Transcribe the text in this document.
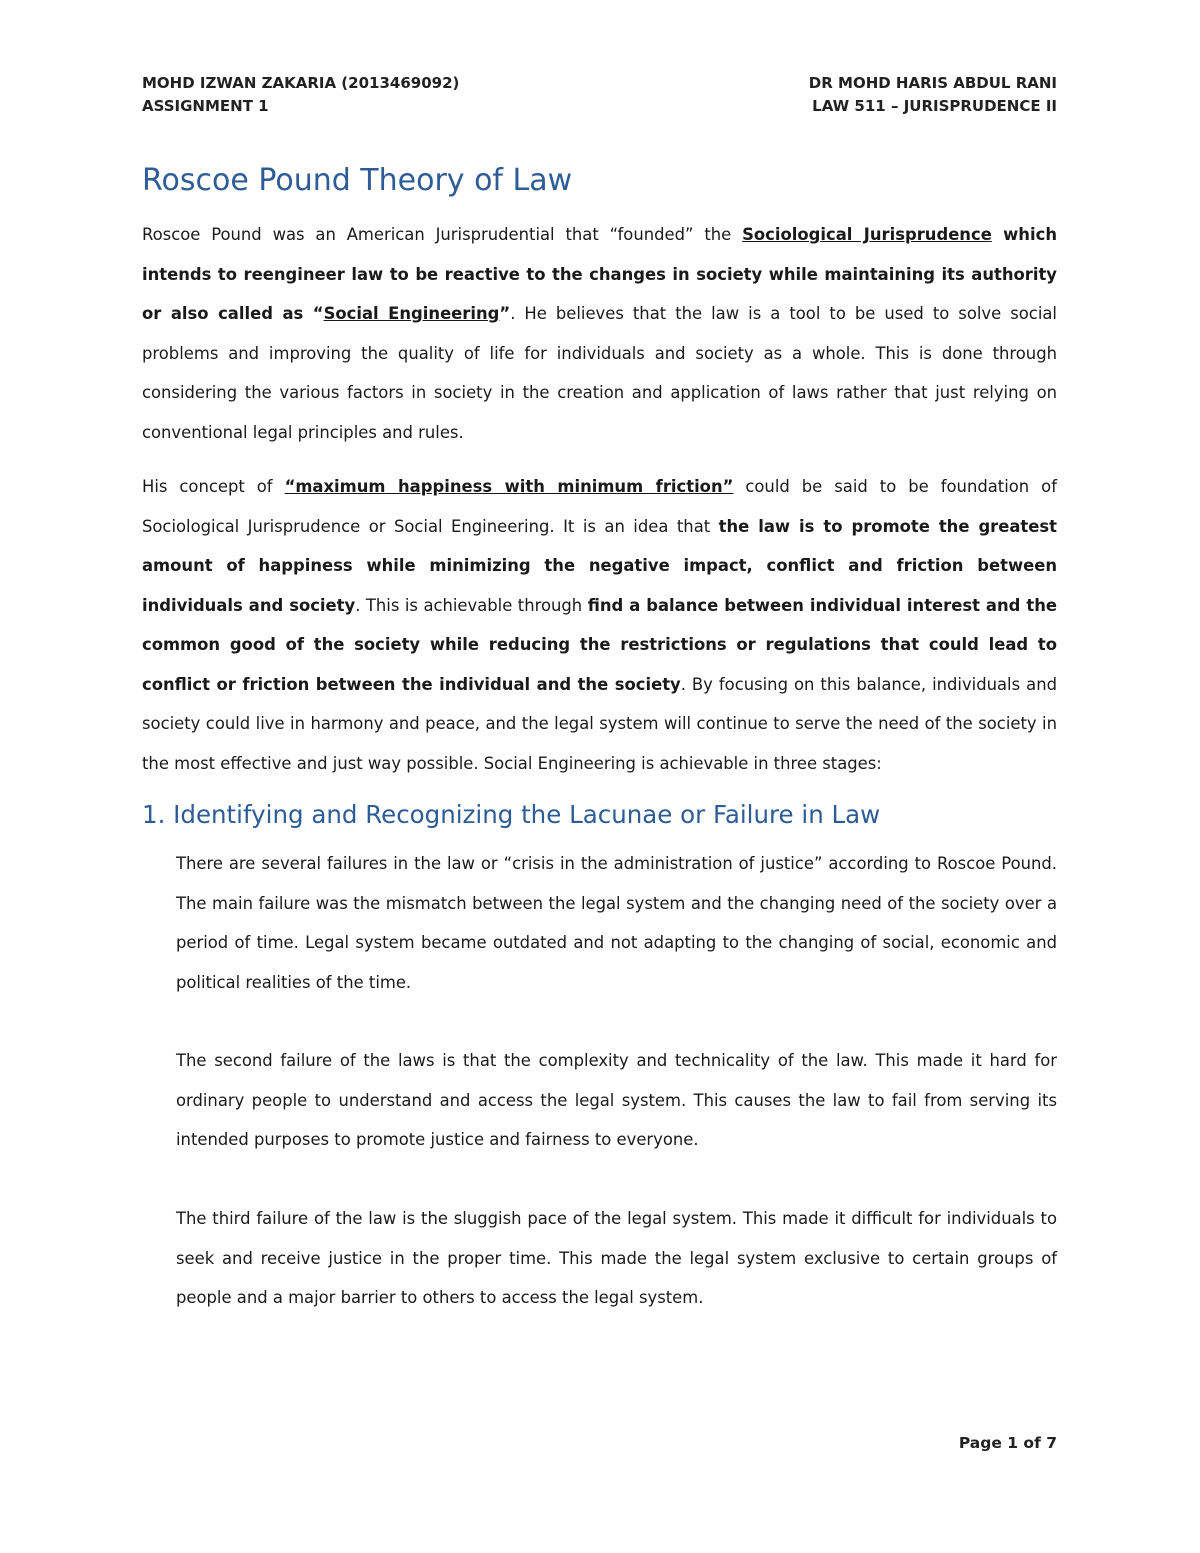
MOHD IZWAN ZAKARIA (2013469092)
ASSIGNMENT 1
DR MOHD HARIS ABDUL RANI
LAW 511 – JURISPRUDENCE II
Roscoe Pound Theory of Law

Roscoe Pound was an American Jurisprudential that “founded” the Sociological Jurisprudence which intends to reengineer law to be reactive to the changes in society while maintaining its authority or also called as “Social Engineering”. He believes that the law is a tool to be used to solve social problems and improving the quality of life for individuals and society as a whole. This is done through considering the various factors in society in the creation and application of laws rather that just relying on conventional legal principles and rules.

His concept of “maximum happiness with minimum friction” could be said to be foundation of Sociological Jurisprudence or Social Engineering. It is an idea that the law is to promote the greatest amount of happiness while minimizing the negative impact, conflict and friction between individuals and society. This is achievable through find a balance between individual interest and the common good of the society while reducing the restrictions or regulations that could lead to conflict or friction between the individual and the society. By focusing on this balance, individuals and society could live in harmony and peace, and the legal system will continue to serve the need of the society in the most effective and just way possible. Social Engineering is achievable in three stages:

1. Identifying and Recognizing the Lacunae or Failure in Law

There are several failures in the law or “crisis in the administration of justice” according to Roscoe Pound. The main failure was the mismatch between the legal system and the changing need of the society over a period of time. Legal system became outdated and not adapting to the changing of social, economic and political realities of the time.

The second failure of the laws is that the complexity and technicality of the law. This made it hard for ordinary people to understand and access the legal system. This causes the law to fail from serving its intended purposes to promote justice and fairness to everyone.

The third failure of the law is the sluggish pace of the legal system. This made it difficult for individuals to seek and receive justice in the proper time. This made the legal system exclusive to certain groups of people and a major barrier to others to access the legal system.

Page 1 of 7
